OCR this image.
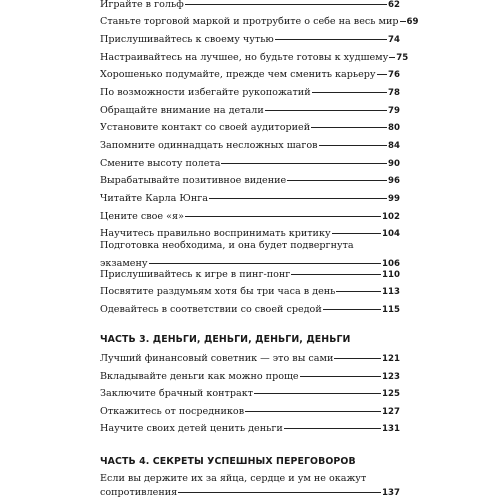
Играйте в гольф	62
Станьте торговой маркой и протрубите о себе на весь мир 69
Прислушивайтесь к своему чутью	74
Настраивайтесь на лучшее, но будьте готовы к худшему 75
Хорошенько подумайте, прежде чем сменить карьеру 76
По возможности избегайте рукопожатий	78
Обращайте внимание на детали	79
Установите контакт со своей аудиторией	80
Запомните одиннадцать несложных шагов	84
Смените высоту полета	90
Вырабатывайте позитивное видение	96
Читайте Карла Юнга	99
Цените свое «я»	102
Научитесь правильно воспринимать критику	104
Подготовка необходима, и она будет подвергнута
экзамену	106
Прислушивайтесь к игре в пинг-понг	110
Посвятите раздумьям хотя бы три часа в день	113
Одевайтесь в соответствии со своей средой	115
ЧАСТЬ 3. ДЕНЬГИ, ДЕНЬГИ, ДЕНЬГИ, ДЕНЬГИ
Лучший финансовый советник — это вы сами	121
Вкладывайте деньги как можно проще	123
Заключите брачный контракт	125
Откажитесь от посредников	127
Научите своих детей ценить деньги	131
ЧАСТЬ 4. СЕКРЕТЫ УСПЕШНЫХ ПЕРЕГОВОРОВ
Если вы держите их за яйца, сердце и ум не окажут
сопротивления	137
